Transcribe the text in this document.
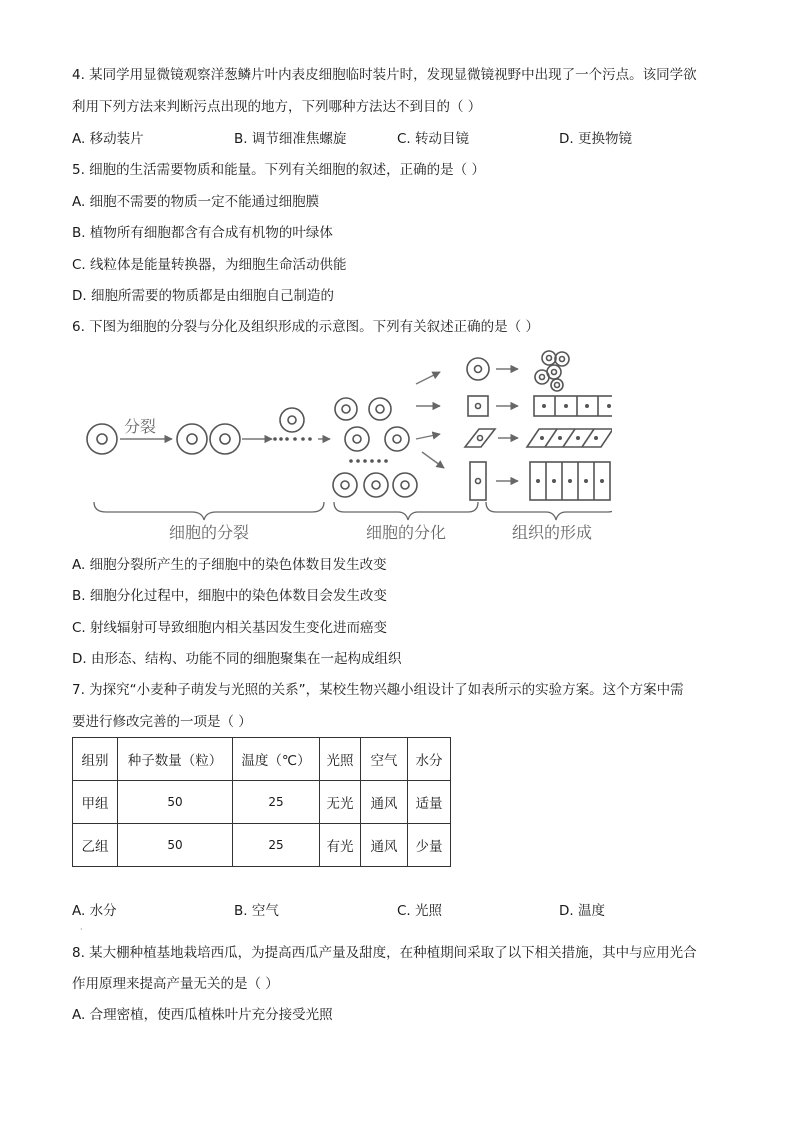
4. 某同学用显微镜观察洋葱鳞片叶内表皮细胞临时装片时，发现显微镜视野中出现了一个污点。该同学欲
利用下列方法来判断污点出现的地方，下列哪种方法达不到目的（ ）
A. 移动装片	B. 调节细准焦螺旋	C. 转动目镜	D. 更换物镜
5. 细胞的生活需要物质和能量。下列有关细胞的叙述，正确的是（ ）
A. 细胞不需要的物质一定不能通过细胞膜
B. 植物所有细胞都含有合成有机物的叶绿体
C. 线粒体是能量转换器，为细胞生命活动供能
D. 细胞所需要的物质都是由细胞自己制造的
6. 下图为细胞的分裂与分化及组织形成的示意图。下列有关叙述正确的是（ ）
分裂
细胞的分裂	细胞的分化	组织的形成
A. 细胞分裂所产生的子细胞中的染色体数目发生改变
B. 细胞分化过程中，细胞中的染色体数目会发生改变
C. 射线辐射可导致细胞内相关基因发生变化进而癌变
D. 由形态、结构、功能不同的细胞聚集在一起构成组织
7. 为探究“小麦种子萌发与光照的关系”，某校生物兴趣小组设计了如表所示的实验方案。这个方案中需
要进行修改完善的一项是（ ）
组别	种子数量（粒）	温度（℃）	光照	空气	水分
甲组	50	25	无光	通风	适量
乙组	50	25	有光	通风	少量
A. 水分	B. 空气	C. 光照	D. 温度
·
8. 某大棚种植基地栽培西瓜，为提高西瓜产量及甜度，在种植期间采取了以下相关措施，其中与应用光合
作用原理来提高产量无关的是（ ）
A. 合理密植，使西瓜植株叶片充分接受光照
